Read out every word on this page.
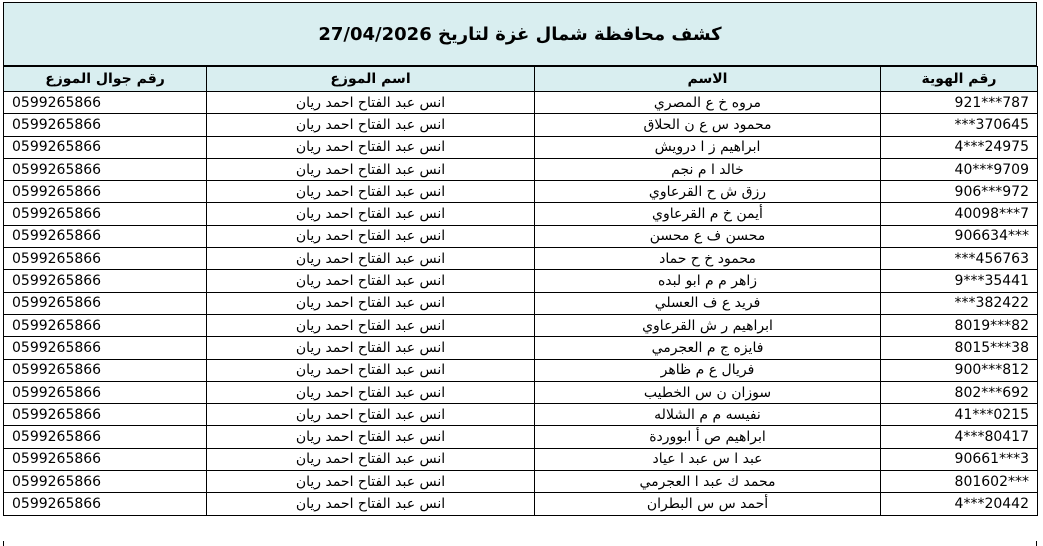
كشف محافظة شمال غزة لتاريخ 27/04/2026
رقم الهوية	الاسم	اسم الموزع	رقم جوال الموزع
921***787	مروه خ ع المصري	انس عبد الفتاح احمد ريان	0599265866
***370645	محمود س ع ن الحلاق	انس عبد الفتاح احمد ريان	0599265866
4***24975	ابراهيم ز ا درويش	انس عبد الفتاح احمد ريان	0599265866
40***9709	خالد ا م نجم	انس عبد الفتاح احمد ريان	0599265866
906***972	رزق ش ح القرعاوي	انس عبد الفتاح احمد ريان	0599265866
40098***7	أيمن خ م القرعاوي	انس عبد الفتاح احمد ريان	0599265866
906634***	محسن ف ع محسن	انس عبد الفتاح احمد ريان	0599265866
***456763	محمود خ ح حماد	انس عبد الفتاح احمد ريان	0599265866
9***35441	زاهر م م ابو لبده	انس عبد الفتاح احمد ريان	0599265866
***382422	فريد ع ف العسلي	انس عبد الفتاح احمد ريان	0599265866
8019***82	ابراهيم ر ش القرعاوي	انس عبد الفتاح احمد ريان	0599265866
8015***38	فايزه ج م العجرمي	انس عبد الفتاح احمد ريان	0599265866
900***812	فريال ع م ظاهر	انس عبد الفتاح احمد ريان	0599265866
802***692	سوزان ن س الخطيب	انس عبد الفتاح احمد ريان	0599265866
41***0215	نفيسه م م الشلاله	انس عبد الفتاح احمد ريان	0599265866
4***80417	ابراهيم ص أ ابووردة	انس عبد الفتاح احمد ريان	0599265866
90661***3	عبد ا س عبد ا عياد	انس عبد الفتاح احمد ريان	0599265866
801602***	محمد ك عبد ا العجرمي	انس عبد الفتاح احمد ريان	0599265866
4***20442	أحمد س س البطران	انس عبد الفتاح احمد ريان	0599265866
